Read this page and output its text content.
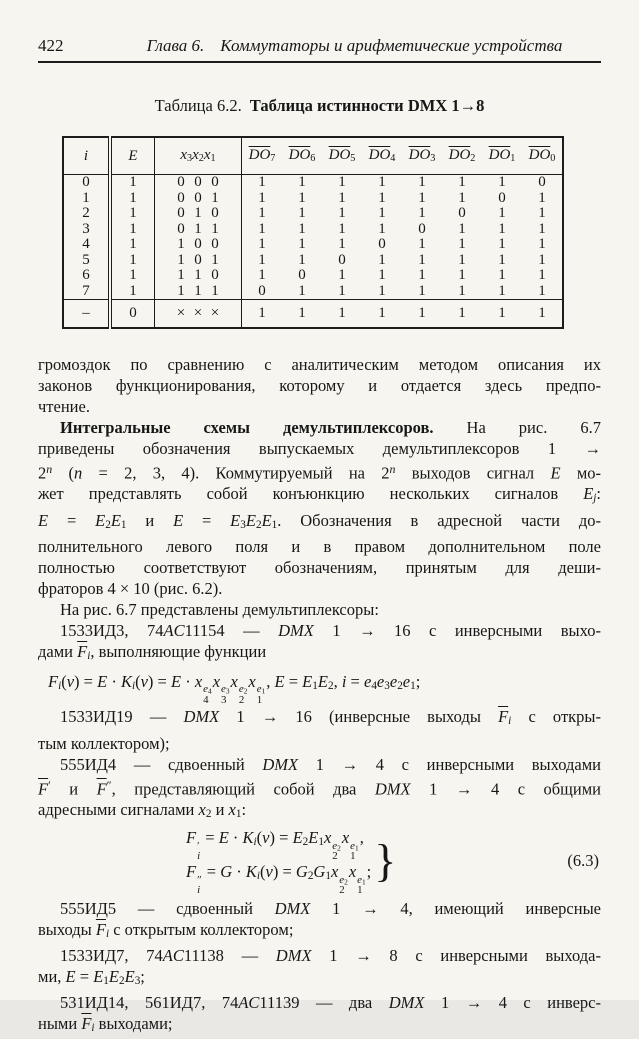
422	Глава 6. Коммутаторы и арифметические устройства
Таблица 6.2. Таблица истинности DMX 1→8
i	E	x3x2x1	$\overline{DO}7$	$\overline{DO}6$	$\overline{DO}5$	$\overline{DO}4$	$\overline{DO}3$	$\overline{DO}2$	$\overline{DO}1$	$\overline{DO}0$
0	1	0 0 0	1	1	1	1	1	1	1	0
1	1	0 0 1	1	1	1	1	1	1	0	1
2	1	0 1 0	1	1	1	1	1	0	1	1
3	1	0 1 1	1	1	1	1	0	1	1	1
4	1	1 0 0	1	1	1	0	1	1	1	1
5	1	1 0 1	1	1	0	1	1	1	1	1
6	1	1 1 0	1	0	1	1	1	1	1	1
7	1	1 1 1	0	1	1	1	1	1	1	1
–	0	× × ×	1	1	1	1	1	1	1	1
громоздок по сравнению с аналитическим методом описания их
законов функционирования, которому и отдается здесь предпо-
чтение.
Интегральные схемы демультиплексоров. На рис. 6.7
приведены обозначения выпускаемых демультиплексоров 1 →
$2^n$ (n = 2, 3, 4). Коммутируемый на 2$^n$ выходов сигнал E мо-
жет представлять собой конъюнкцию нескольких сигналов Ej:
E = E2E1 и E = E3E2E1. Обозначения в адресной части до-
полнительного левого поля и в правом дополнительном поле
полностью соответствуют обозначениям, принятым для деши-
фраторов 4 × 10 (рис. 6.2).
На рис. 6.7 представлены демультиплексоры:
1533ИД3, 74AC11154 — DMX 1 → 16 с инверсными выхо-
дами $\overline{F}i$, выполняющие функции
Fi(ν) = E · Ki(ν) = E · x e4
4
x e3
3
x e2
2
x e1
1
, E = E1E2, i = e4e3e2e1;
1533ИД19 — DMX 1 → 16 (инверсные выходы $\overline{F}i$ с откры-
тым коллектором);
555ИД4 — сдвоенный DMX 1 → 4 с инверсными выходами
$\overline{F}'$ и $\overline{F}''$, представляющий собой два DMX 1 → 4 с общими
адресными сигналами x2 и x1:
F ′
i
= E · Ki(ν) = E2E1x e2
2
x e1
1
,
F ″
i
= G · Ki(ν) = G2G1x e2
2
x e1
1
; }	(6.3)
555ИД5 — сдвоенный DMX 1 → 4, имеющий инверсные
выходы $\overline{F}i$ с открытым коллектором;
1533ИД7, 74AC11138 — DMX 1 → 8 с инверсными выхода-
ми, E = E1E2E3;
531ИД14, 561ИД7, 74AC11139 — два DMX 1 → 4 с инверс-
ными $\overline{F}i$ выходами;
